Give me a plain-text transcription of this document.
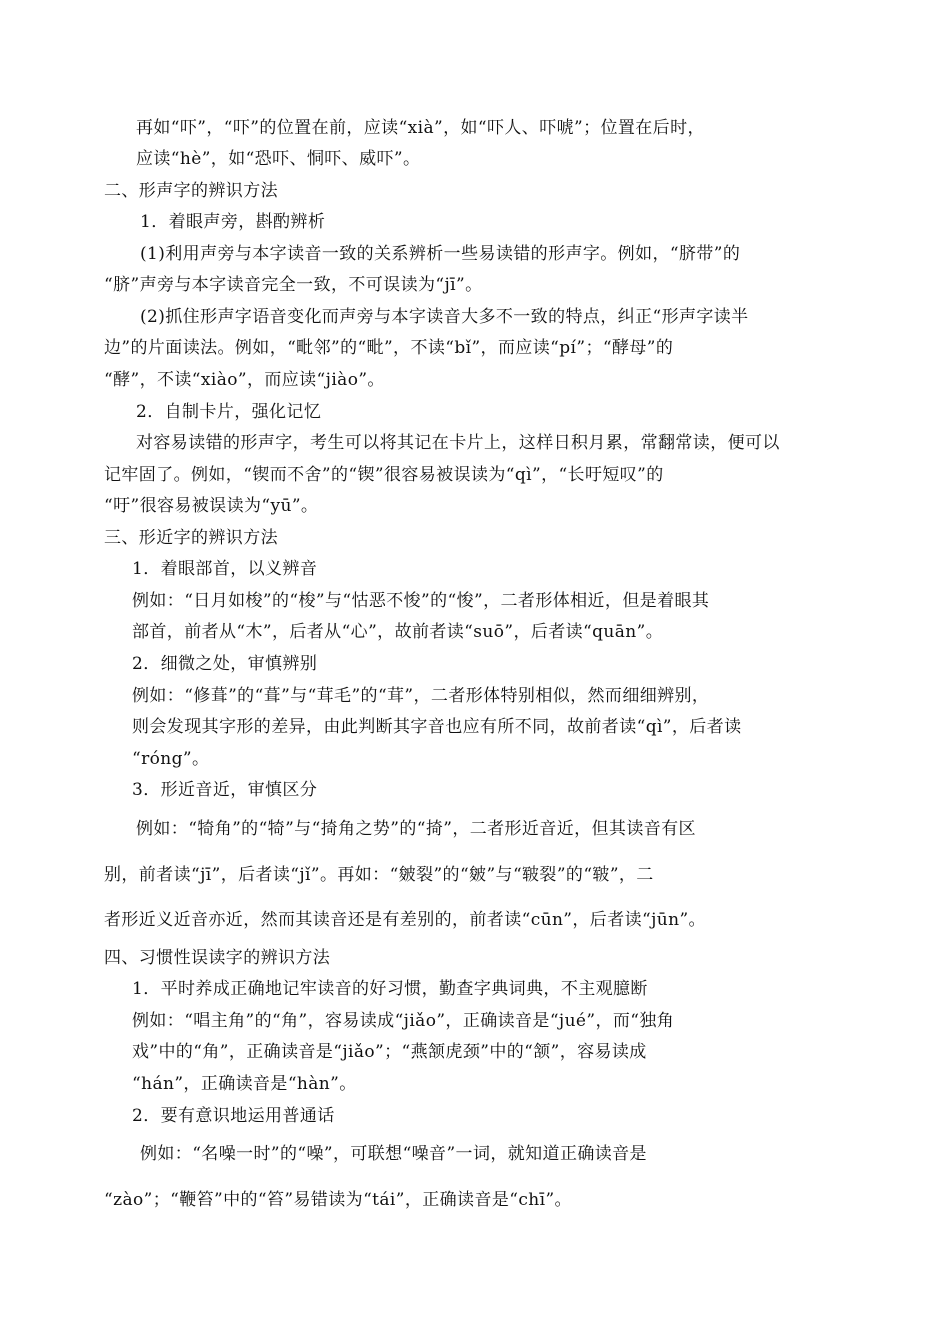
再如“吓”，“吓”的位置在前，应读“xià”，如“吓人、吓唬”；位置在后时，
应读“hè”，如“恐吓、恫吓、威吓”。
二、形声字的辨识方法
1．着眼声旁，斟酌辨析
(1)利用声旁与本字读音一致的关系辨析一些易读错的形声字。例如，“脐带”的
“脐”声旁与本字读音完全一致，不可误读为“jī”。
(2)抓住形声字语音变化而声旁与本字读音大多不一致的特点，纠正“形声字读半
边”的片面读法。例如，“毗邻”的“毗”，不读“bǐ”，而应读“pí”；“酵母”的
“酵”，不读“xiào”，而应读“jiào”。
2．自制卡片，强化记忆
对容易读错的形声字，考生可以将其记在卡片上，这样日积月累，常翻常读，便可以
记牢固了。例如，“锲而不舍”的“锲”很容易被误读为“qì”，“长吁短叹”的
“吁”很容易被误读为“yū”。
三、形近字的辨识方法
1．着眼部首，以义辨音
例如：“日月如梭”的“梭”与“怙恶不悛”的“悛”，二者形体相近，但是着眼其
部首，前者从“木”，后者从“心”，故前者读“suō”，后者读“quān”。
2．细微之处，审慎辨别
例如：“修葺”的“葺”与“茸毛”的“茸”，二者形体特别相似，然而细细辨别，
则会发现其字形的差异，由此判断其字音也应有所不同，故前者读“qì”，后者读
“róng”。
3．形近音近，审慎区分
例如：“犄角”的“犄”与“掎角之势”的“掎”，二者形近音近，但其读音有区
别，前者读“jī”，后者读“jǐ”。再如：“皴裂”的“皴”与“皲裂”的“皲”，二
者形近义近音亦近，然而其读音还是有差别的，前者读“cūn”，后者读“jūn”。
四、习惯性误读字的辨识方法
1．平时养成正确地记牢读音的好习惯，勤查字典词典，不主观臆断
例如：“唱主角”的“角”，容易读成“jiǎo”，正确读音是“jué”，而“独角
戏”中的“角”，正确读音是“jiǎo”；“燕颔虎颈”中的“颔”，容易读成
“hán”，正确读音是“hàn”。
2．要有意识地运用普通话
例如：“名噪一时”的“噪”，可联想“噪音”一词，就知道正确读音是
“zào”；“鞭笞”中的“笞”易错读为“tái”，正确读音是“chī”。
